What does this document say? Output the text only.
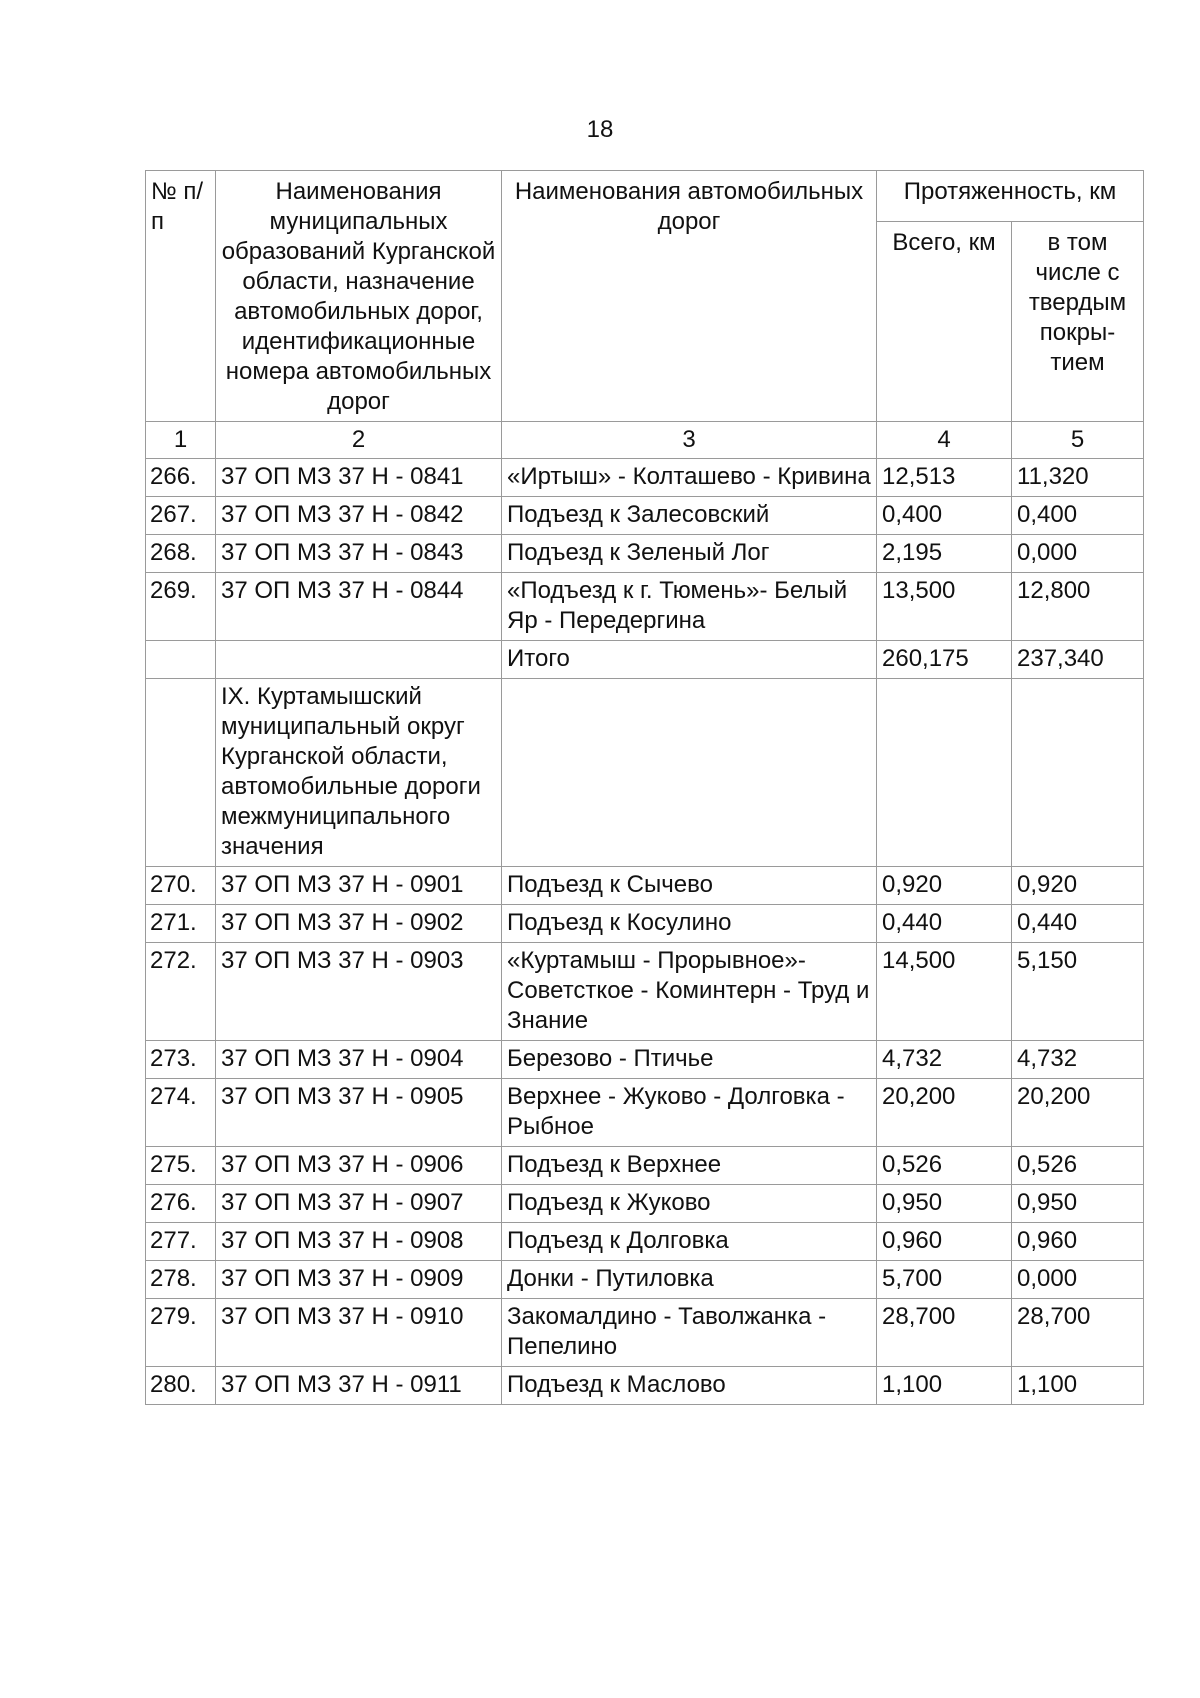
18
№ п/п	Наименования муниципальных образований Курганской области, назначение автомобильных дорог, идентификационные номера автомобильных дорог	Наименования автомобильных дорог	Протяженность, км	
			Всего, км	в том числе с твердым покры-тием
1	2	3	4	5
266.	37 ОП МЗ 37 Н - 0841	«Иртыш» - Колташево - Кривина	12,513	11,320
267.	37 ОП МЗ 37 Н - 0842	Подъезд к Залесовский	0,400	0,400
268.	37 ОП МЗ 37 Н - 0843	Подъезд к Зеленый Лог	2,195	0,000
269.	37 ОП МЗ 37 Н - 0844	«Подъезд к г. Тюмень»- Белый Яр - Передергина	13,500	12,800
		Итого	260,175	237,340
	IX. Куртамышский муниципальный округ Курганской области, автомобильные дороги межмуниципального значения			
270.	37 ОП МЗ 37 Н - 0901	Подъезд к Сычево	0,920	0,920
271.	37 ОП МЗ 37 Н - 0902	Подъезд к Косулино	0,440	0,440
272.	37 ОП МЗ 37 Н - 0903	«Куртамыш - Прорывное»- Советсткое - Коминтерн - Труд и Знание	14,500	5,150
273.	37 ОП МЗ 37 Н - 0904	Березово - Птичье	4,732	4,732
274.	37 ОП МЗ 37 Н - 0905	Верхнее - Жуково - Долговка - Рыбное	20,200	20,200
275.	37 ОП МЗ 37 Н - 0906	Подъезд к Верхнее	0,526	0,526
276.	37 ОП МЗ 37 Н - 0907	Подъезд к Жуково	0,950	0,950
277.	37 ОП МЗ 37 Н - 0908	Подъезд к Долговка	0,960	0,960
278.	37 ОП МЗ 37 Н - 0909	Донки - Путиловка	5,700	0,000
279.	37 ОП МЗ 37 Н - 0910	Закомалдино - Таволжанка - Пепелино	28,700	28,700
280.	37 ОП МЗ 37 Н - 0911	Подъезд к Маслово	1,100	1,100
